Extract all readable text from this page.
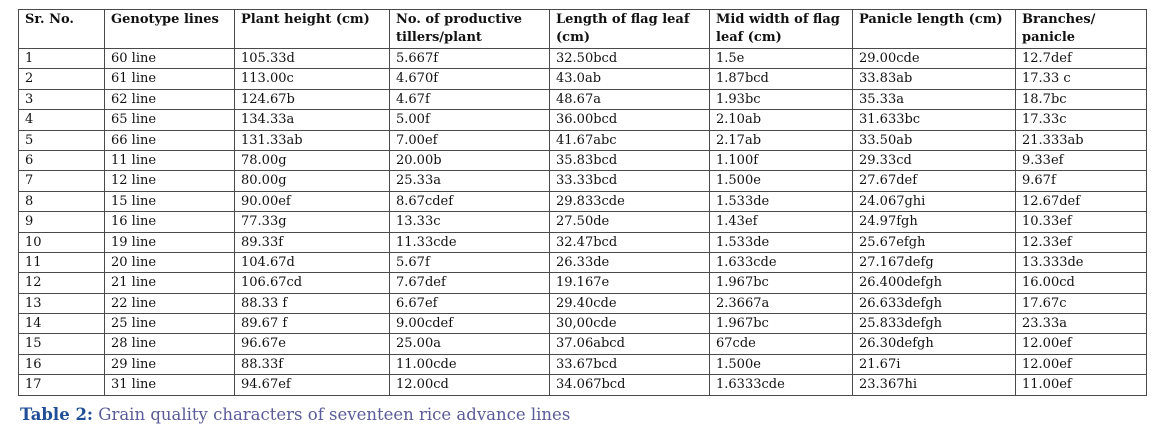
Sr. No.	Genotype lines	Plant height (cm)	No. of productive tillers/plant	Length of flag leaf (cm)	Mid width of flag leaf (cm)	Panicle length (cm)	Branches/ panicle
1	60 line	105.33d	5.667f	32.50bcd	1.5e	29.00cde	12.7def
2	61 line	113.00c	4.670f	43.0ab	1.87bcd	33.83ab	17.33 c
3	62 line	124.67b	4.67f	48.67a	1.93bc	35.33a	18.7bc
4	65 line	134.33a	5.00f	36.00bcd	2.10ab	31.633bc	17.33c
5	66 line	131.33ab	7.00ef	41.67abc	2.17ab	33.50ab	21.333ab
6	11 line	78.00g	20.00b	35.83bcd	1.100f	29.33cd	9.33ef
7	12 line	80.00g	25.33a	33.33bcd	1.500e	27.67def	9.67f
8	15 line	90.00ef	8.67cdef	29.833cde	1.533de	24.067ghi	12.67def
9	16 line	77.33g	13.33c	27.50de	1.43ef	24.97fgh	10.33ef
10	19 line	89.33f	11.33cde	32.47bcd	1.533de	25.67efgh	12.33ef
11	20 line	104.67d	5.67f	26.33de	1.633cde	27.167defg	13.333de
12	21 line	106.67cd	7.67def	19.167e	1.967bc	26.400defgh	16.00cd
13	22 line	88.33 f	6.67ef	29.40cde	2.3667a	26.633defgh	17.67c
14	25 line	89.67 f	9.00cdef	30,00cde	1.967bc	25.833defgh	23.33a
15	28 line	96.67e	25.00a	37.06abcd	67cde	26.30defgh	12.00ef
16	29 line	88.33f	11.00cde	33.67bcd	1.500e	21.67i	12.00ef
17	31 line	94.67ef	12.00cd	34.067bcd	1.6333cde	23.367hi	11.00ef
Table 2: Grain quality characters of seventeen rice advance lines
